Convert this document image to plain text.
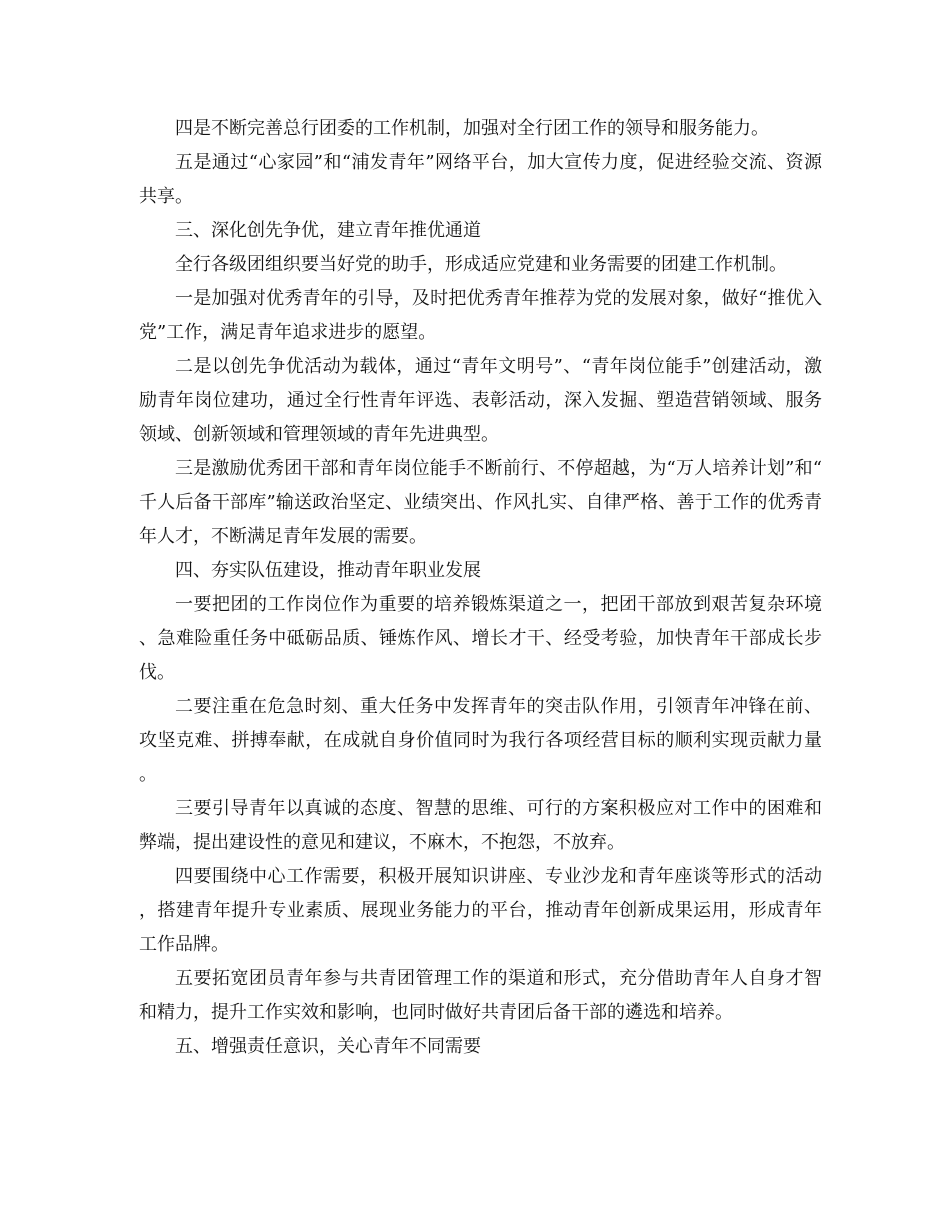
四是不断完善总行团委的工作机制，加强对全行团工作的领导和服务能力。

五是通过“心家园”和“浦发青年”网络平台，加大宣传力度，促进经验交流、资源共享。

三、深化创先争优，建立青年推优通道

全行各级团组织要当好党的助手，形成适应党建和业务需要的团建工作机制。

一是加强对优秀青年的引导，及时把优秀青年推荐为党的发展对象，做好“推优入党”工作，满足青年追求进步的愿望。

二是以创先争优活动为载体，通过“青年文明号”、“青年岗位能手”创建活动，激励青年岗位建功，通过全行性青年评选、表彰活动，深入发掘、塑造营销领域、服务领域、创新领域和管理领域的青年先进典型。

三是激励优秀团干部和青年岗位能手不断前行、不停超越，为“万人培养计划”和“千人后备干部库”输送政治坚定、业绩突出、作风扎实、自律严格、善于工作的优秀青年人才，不断满足青年发展的需要。

四、夯实队伍建设，推动青年职业发展

一要把团的工作岗位作为重要的培养锻炼渠道之一，把团干部放到艰苦复杂环境、急难险重任务中砥砺品质、锤炼作风、增长才干、经受考验，加快青年干部成长步伐。

二要注重在危急时刻、重大任务中发挥青年的突击队作用，引领青年冲锋在前、攻坚克难、拼搏奉献，在成就自身价值同时为我行各项经营目标的顺利实现贡献力量。

三要引导青年以真诚的态度、智慧的思维、可行的方案积极应对工作中的困难和弊端，提出建设性的意见和建议，不麻木，不抱怨，不放弃。

四要围绕中心工作需要，积极开展知识讲座、专业沙龙和青年座谈等形式的活动，搭建青年提升专业素质、展现业务能力的平台，推动青年创新成果运用，形成青年工作品牌。

五要拓宽团员青年参与共青团管理工作的渠道和形式，充分借助青年人自身才智和精力，提升工作实效和影响，也同时做好共青团后备干部的遴选和培养。

五、增强责任意识，关心青年不同需要
